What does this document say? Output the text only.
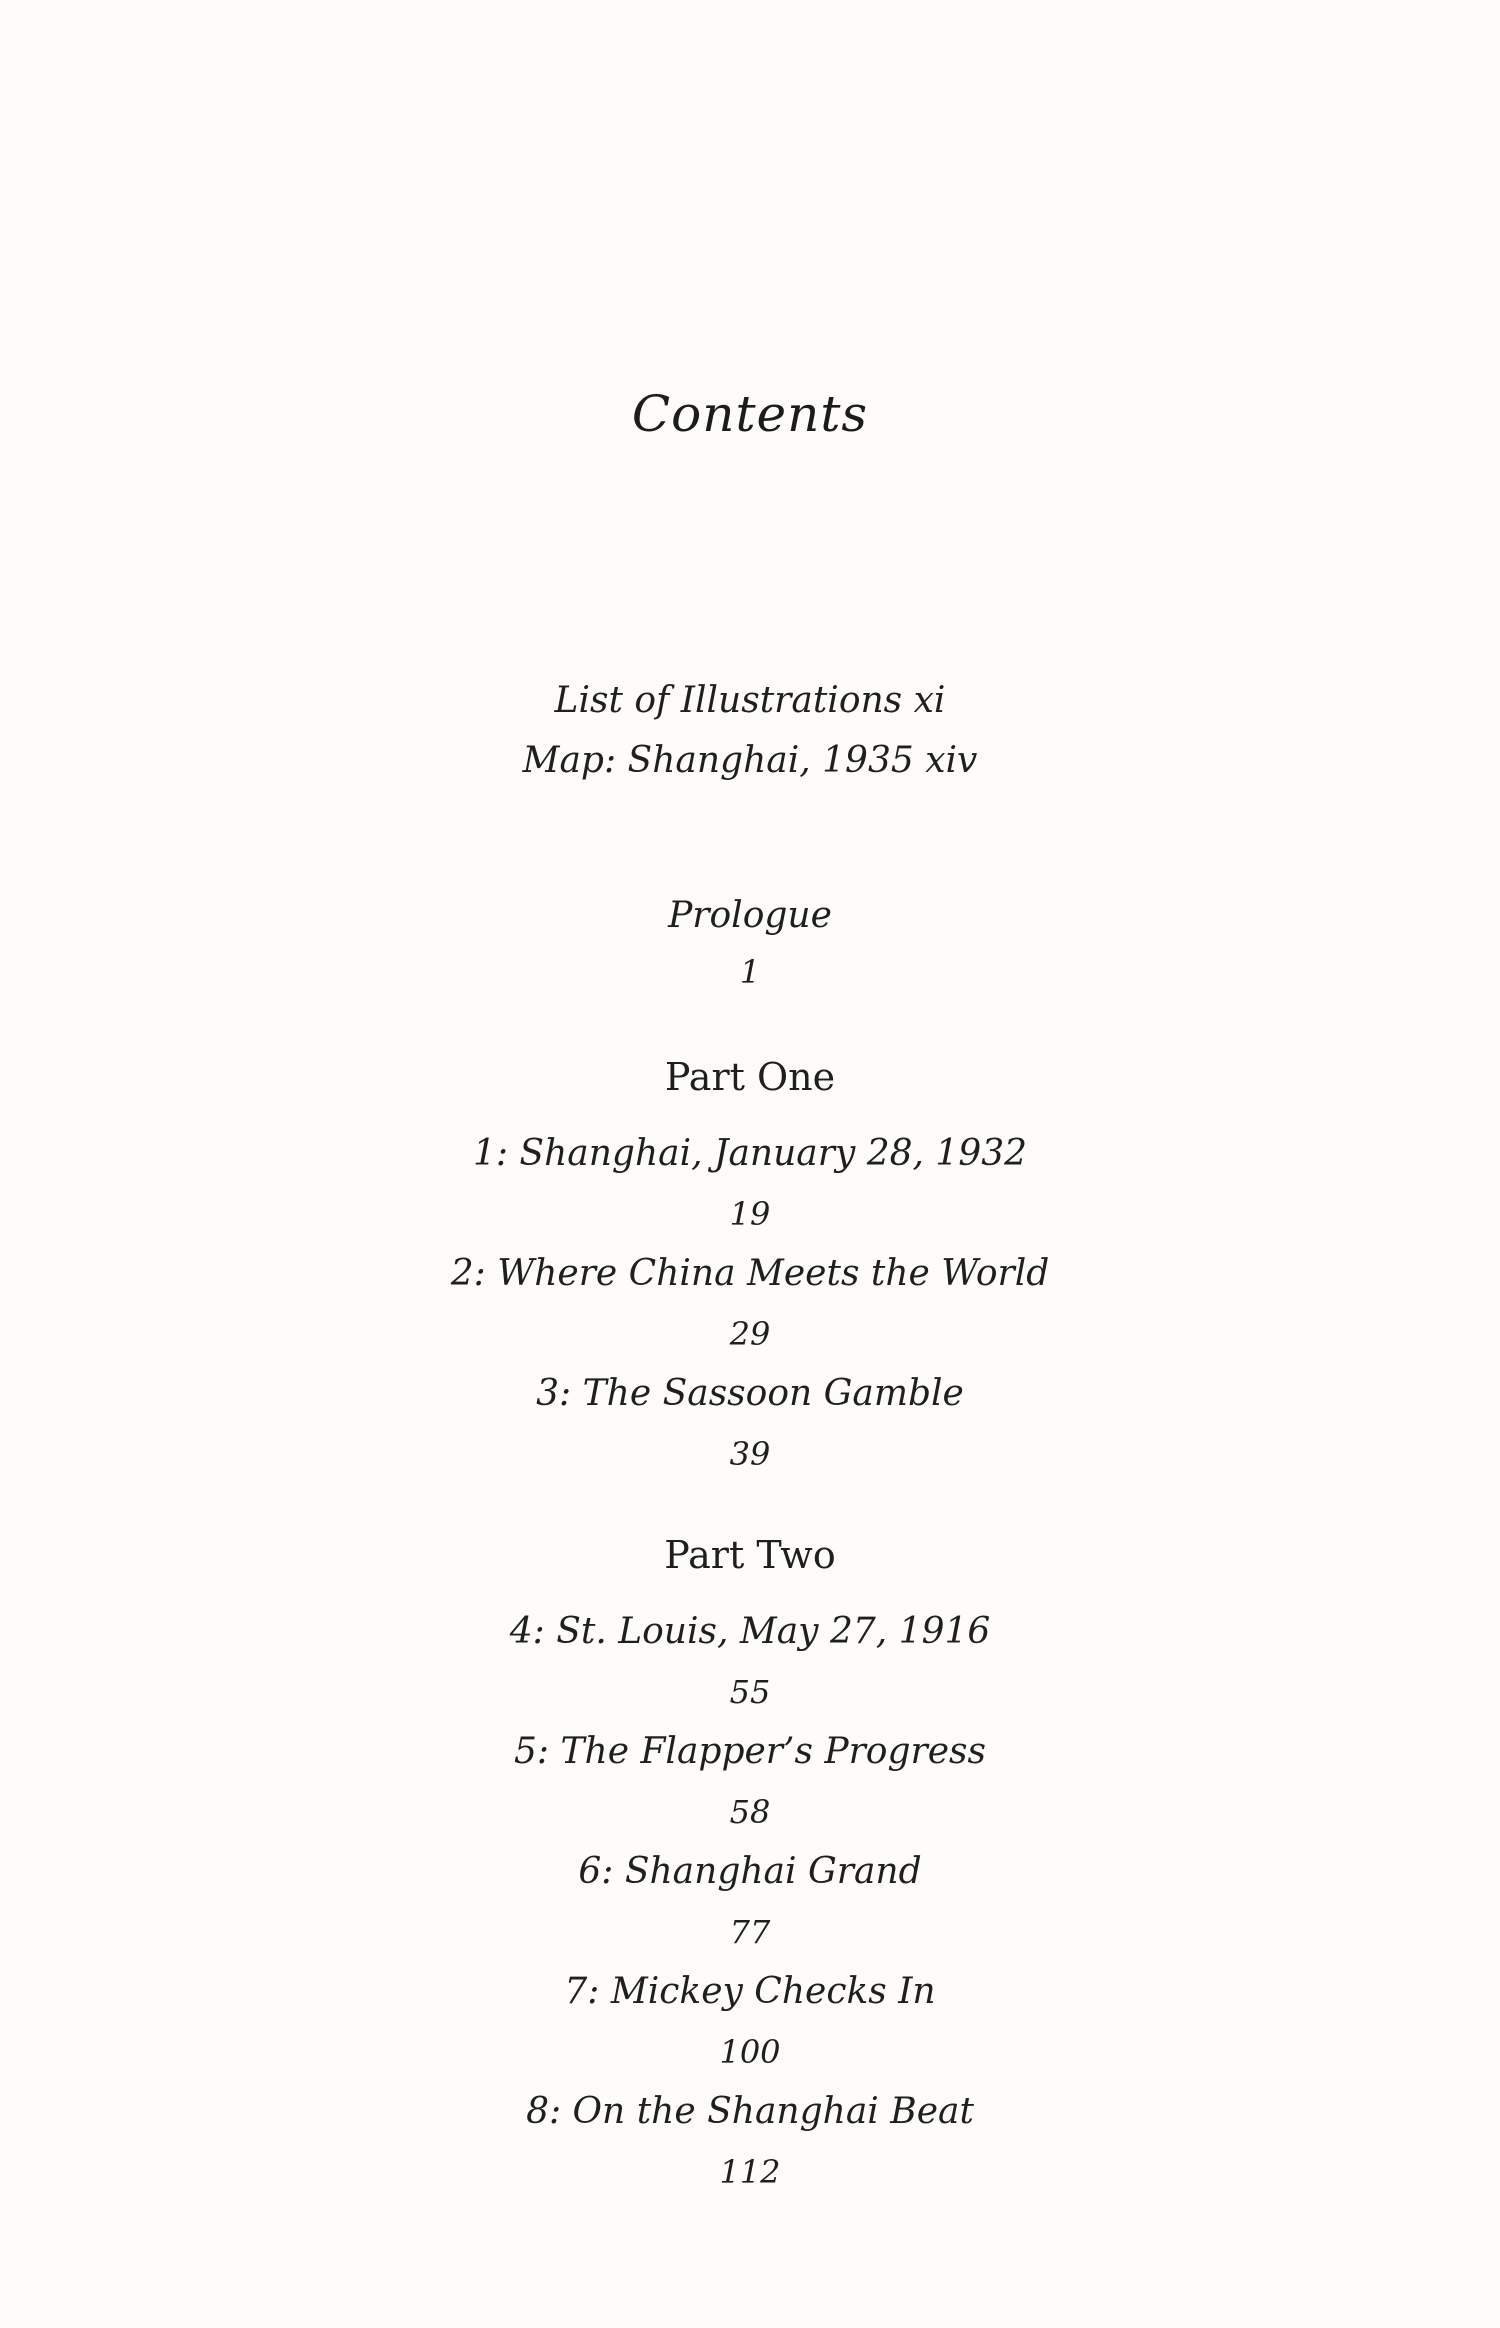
Contents
List of Illustrations xi
Map: Shanghai, 1935 xiv
Prologue
1
Part One
1: Shanghai, January 28, 1932
19
2: Where China Meets the World
29
3: The Sassoon Gamble
39
Part Two
4: St. Louis, May 27, 1916
55
5: The Flapper’s Progress
58
6: Shanghai Grand
77
7: Mickey Checks In
100
8: On the Shanghai Beat
112
